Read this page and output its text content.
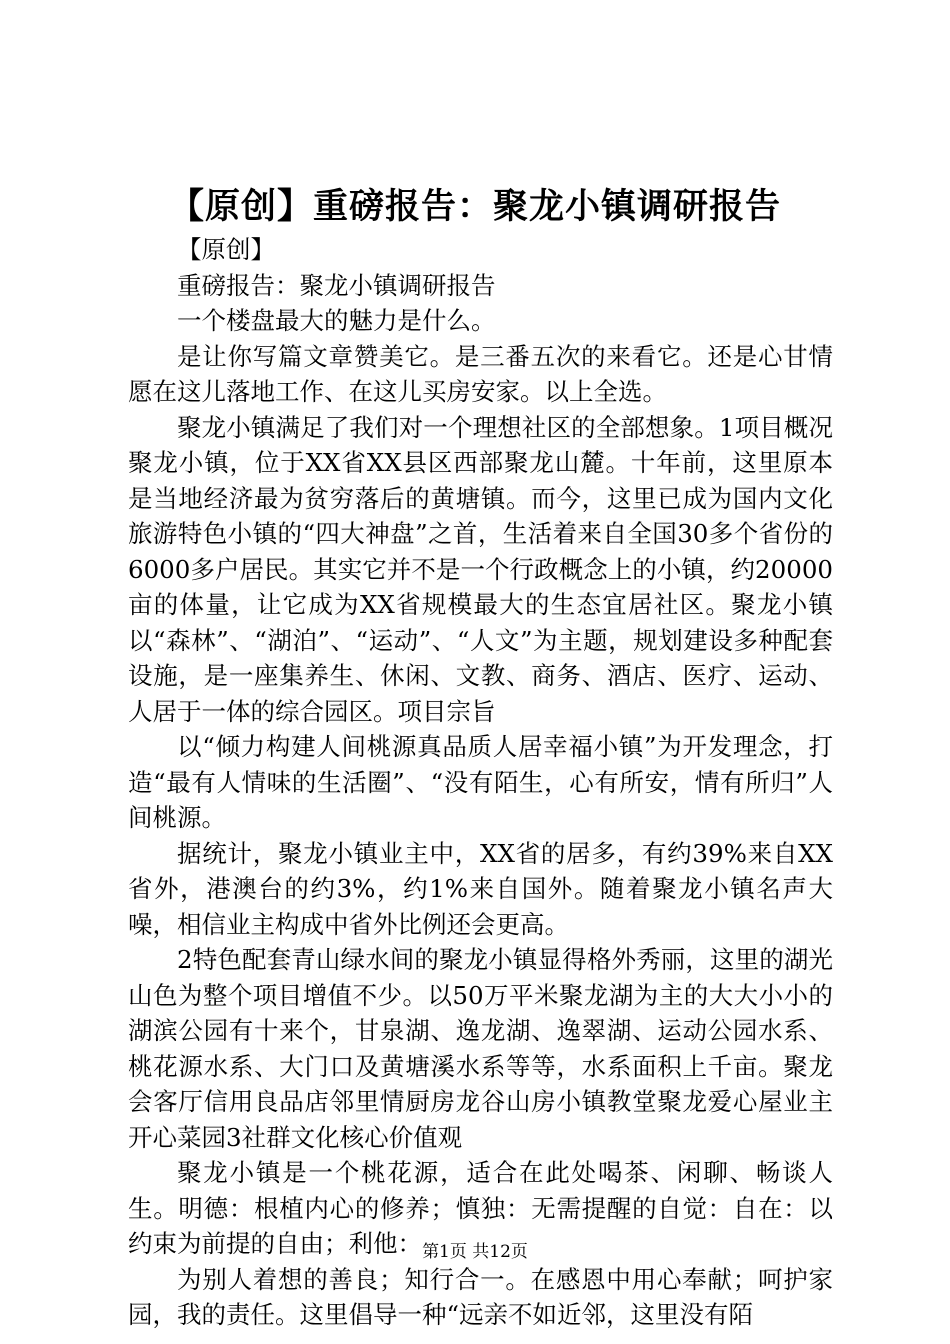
【原创】重磅报告：聚龙小镇调研报告

【原创】

重磅报告：聚龙小镇调研报告

一个楼盘最大的魅力是什么。

是让你写篇文章赞美它。是三番五次的来看它。还是心甘情愿在这儿落地工作、在这儿买房安家。以上全选。

聚龙小镇满足了我们对一个理想社区的全部想象。1项目概况聚龙小镇，位于XX省XX县区西部聚龙山麓。十年前，这里原本是当地经济最为贫穷落后的黄塘镇。而今，这里已成为国内文化旅游特色小镇的“四大神盘”之首，生活着来自全国30多个省份的6000多户居民。其实它并不是一个行政概念上的小镇，约20000亩的体量，让它成为XX省规模最大的生态宜居社区。聚龙小镇以“森林”、“湖泊”、“运动”、“人文”为主题，规划建设多种配套设施，是一座集养生、休闲、文教、商务、酒店、医疗、运动、人居于一体的综合园区。项目宗旨

以“倾力构建人间桃源真品质人居幸福小镇”为开发理念，打造“最有人情味的生活圈”、“没有陌生，心有所安，情有所归”人间桃源。

据统计，聚龙小镇业主中，XX省的居多，有约39%来自XX省外，港澳台的约3%，约1%来自国外。随着聚龙小镇名声大噪，相信业主构成中省外比例还会更高。

2特色配套青山绿水间的聚龙小镇显得格外秀丽，这里的湖光山色为整个项目增值不少。以50万平米聚龙湖为主的大大小小的湖滨公园有十来个，甘泉湖、逸龙湖、逸翠湖、运动公园水系、桃花源水系、大门口及黄塘溪水系等等，水系面积上千亩。聚龙会客厅信用良品店邻里情厨房龙谷山房小镇教堂聚龙爱心屋业主开心菜园3社群文化核心价值观

聚龙小镇是一个桃花源，适合在此处喝茶、闲聊、畅谈人生。明德：根植内心的修养；慎独：无需提醒的自觉：自在：以约束为前提的自由；利他：

为别人着想的善良；知行合一。在感恩中用心奉献；呵护家园，我的责任。这里倡导一种“远亲不如近邻，这里没有陌

第1页 共12页
